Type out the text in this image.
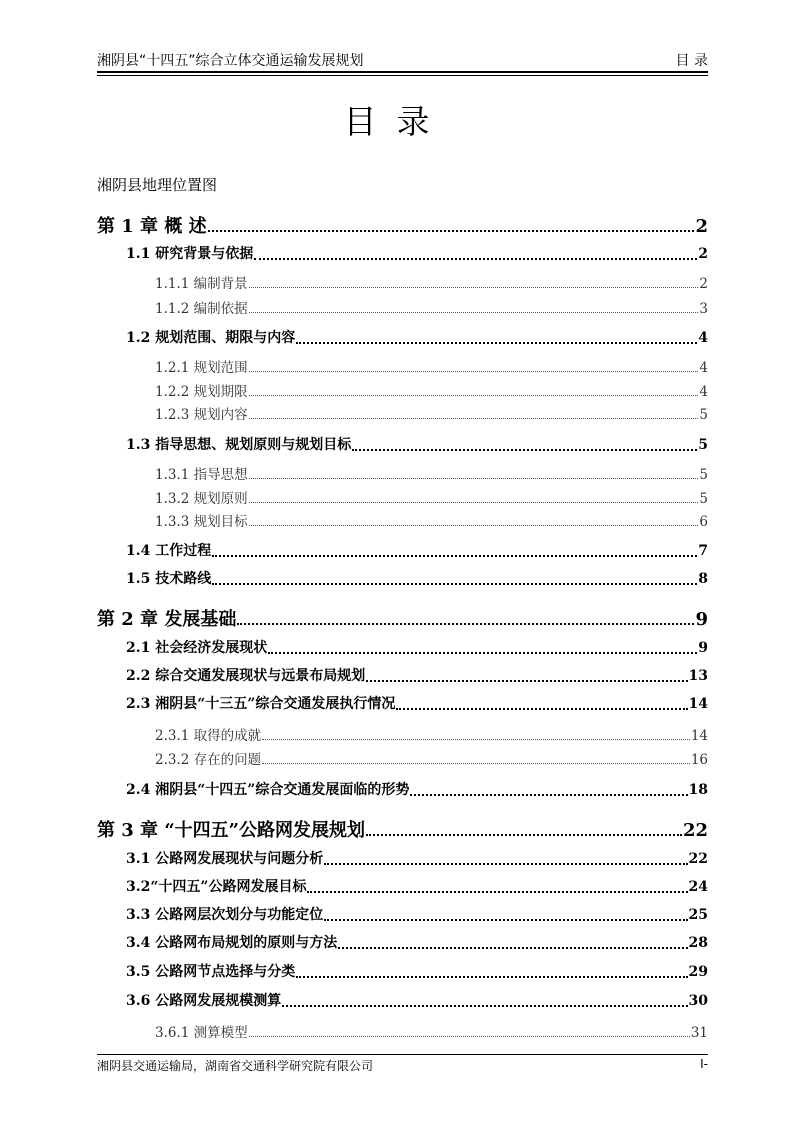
湘阴县“十四五”综合立体交通运输发展规划	目 录
目录
湘阴县地理位置图
第 1 章 概 述	2
1.1 研究背景与依据	2
1.1.1 编制背景	2
1.1.2 编制依据	3
1.2 规划范围、期限与内容	4
1.2.1 规划范围	4
1.2.2 规划期限	4
1.2.3 规划内容	5
1.3 指导思想、规划原则与规划目标	5
1.3.1 指导思想	5
1.3.2 规划原则	5
1.3.3 规划目标	6
1.4 工作过程	7
1.5 技术路线	8
第 2 章 发展基础	9
2.1 社会经济发展现状	9
2.2 综合交通发展现状与远景布局规划	13
2.3 湘阴县“十三五”综合交通发展执行情况	14
2.3.1 取得的成就	14
2.3.2 存在的问题	16
2.4 湘阴县“十四五”综合交通发展面临的形势	18
第 3 章 “十四五”公路网发展规划	22
3.1 公路网发展现状与问题分析	22
3.2“十四五”公路网发展目标	24
3.3 公路网层次划分与功能定位	25
3.4 公路网布局规划的原则与方法	28
3.5 公路网节点选择与分类	29
3.6 公路网发展规模测算	30
3.6.1 测算模型	31
湘阴县交通运输局，湖南省交通科学研究院有限公司	I-
